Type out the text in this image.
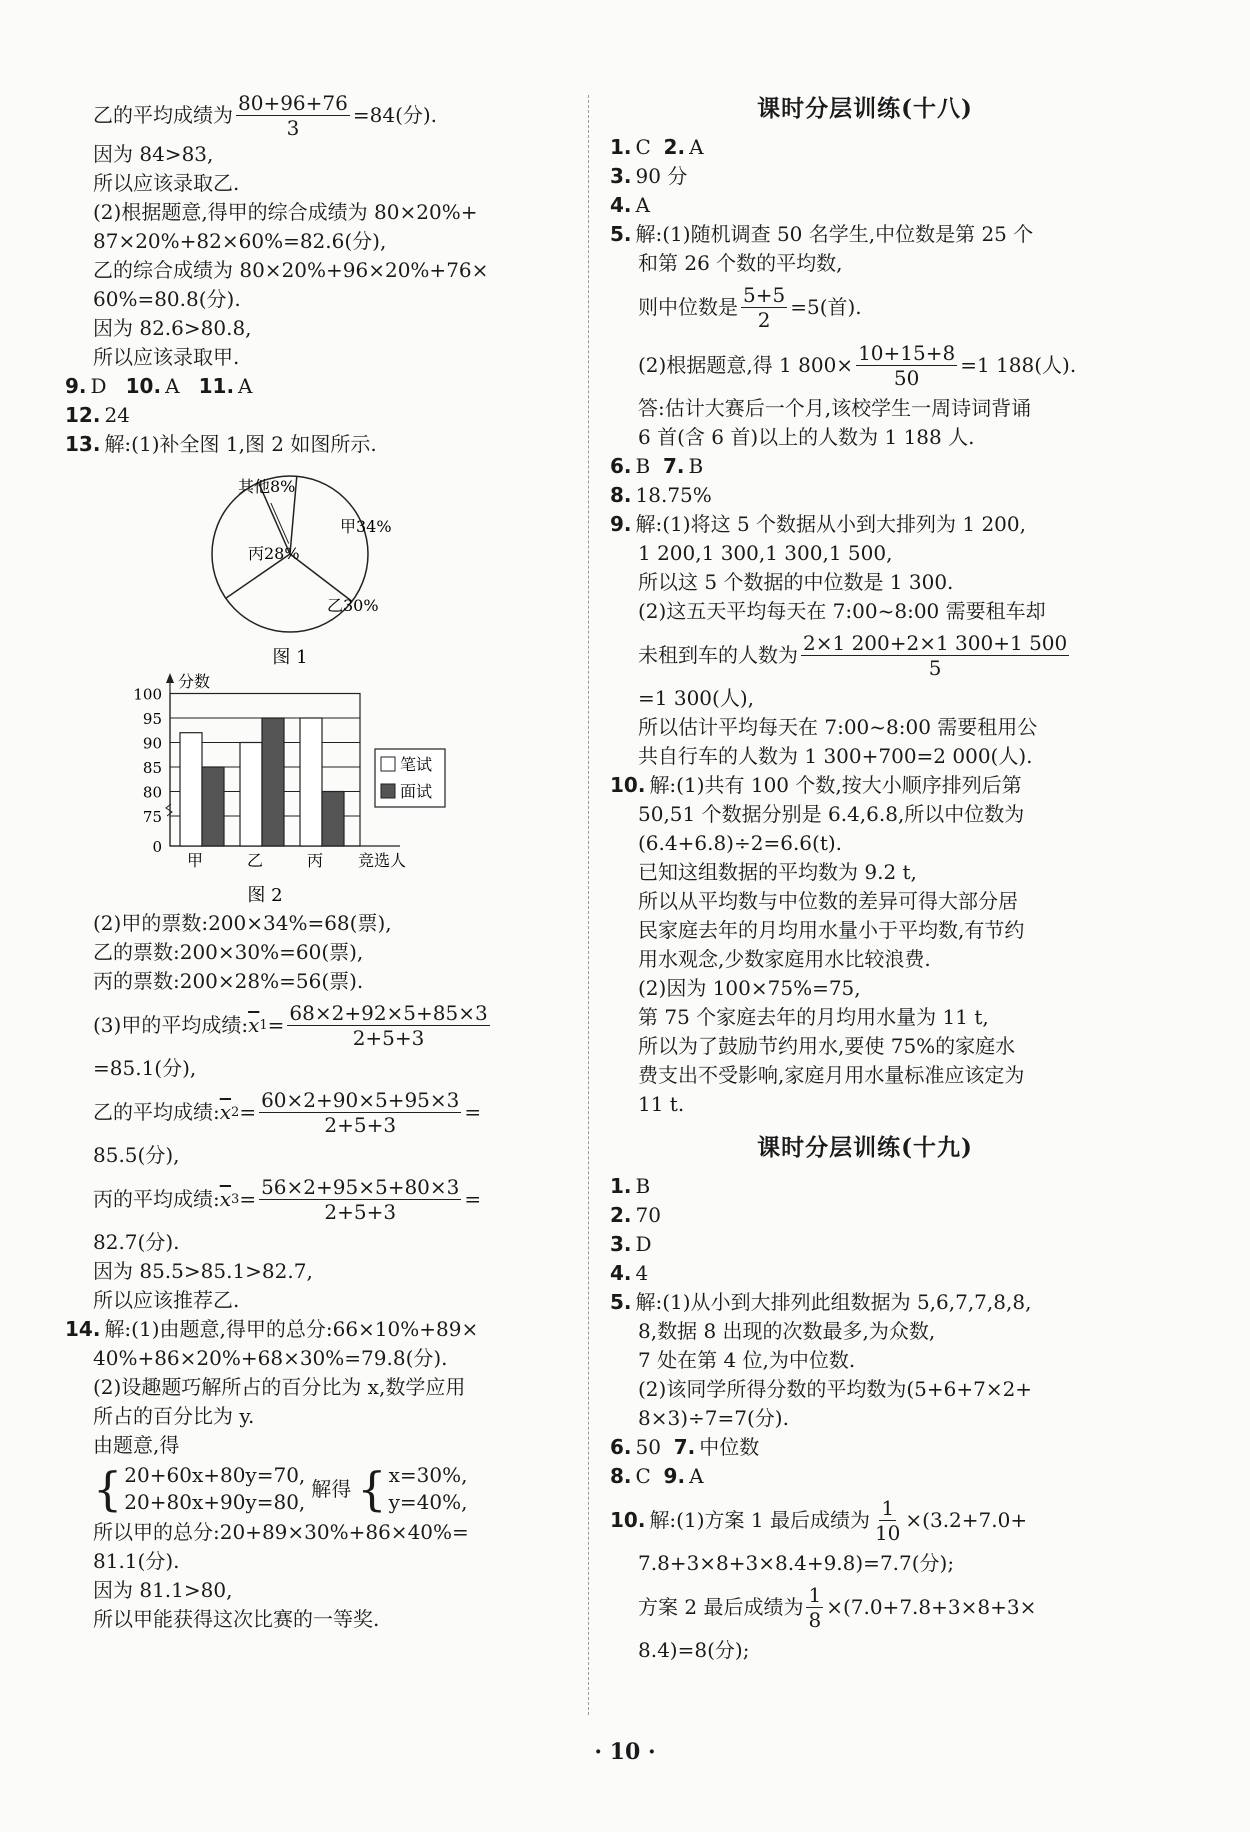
乙的平均成绩为 $\frac{80+96+76}{3} =84$(分).
因为 84>83,
所以应该录取乙.
(2)根据题意,得甲的综合成绩为 80×20%+
87×20%+82×60%=82.6(分),
乙的综合成绩为 80×20%+96×20%+76×
60%=80.8(分).
因为 82.6>80.8,
所以应该录取甲.
9. D 10. A 11. A
12. 24
13. 解:(1)补全图 1,图 2 如图所示.
甲34%
乙30%
丙28%
其他8%
图 1
100
95
90
85
80
75
0
分数
竞选人
甲	乙	丙
笔试
面试
图 2
(2)甲的票数:200×34%=68(票),
乙的票数:200×30%=60(票),
丙的票数:200×28%=56(票).
(3)甲的平均成绩: $\overline{x}$ $1 = \frac{68\times 2+92\times 5+85\times 3}{2+5+3}$
=85.1(分),
乙的平均成绩: $\overline{x}$ $2 = \frac{60\times 2+90\times 5+95\times 3}{2+5+3}$ =
85.5(分),
丙的平均成绩: $\overline{x}$ $3 = \frac{56\times 2+95\times 5+80\times 3}{2+5+3}$ =
82.7(分).
因为 85.5>85.1>82.7,
所以应该推荐乙.
14. 解:(1)由题意,得甲的总分:66×10%+89×
40%+86×20%+68×30%=79.8(分).
(2)设趣题巧解所占的百分比为 x,数学应用
所占的百分比为 y.
由题意,得
{ 20+60x+80y=70,
20+80x+90y=80,
解得 { x=30%,
y=40%,
所以甲的总分:20+89×30%+86×40%=
81.1(分).
因为 81.1>80,
所以甲能获得这次比赛的一等奖.
课时分层训练(十八)
1. C 2. A
3. 90 分
4. A
5. 解:(1)随机调查 50 名学生,中位数是第 25 个
和第 26 个数的平均数,
则中位数是 $\frac{5+5}{2} =5$(首).
(2)根据题意,得 1 $800\times \frac{10+15+8}{50} =1$ 188(人).
答:估计大赛后一个月,该校学生一周诗词背诵
6 首(含 6 首)以上的人数为 1 188 人.
6. B 7. B
8. 18.75%
9. 解:(1)将这 5 个数据从小到大排列为 1 200,
1 200,1 300,1 300,1 500,
所以这 5 个数据的中位数是 1 300.
(2)这五天平均每天在 7:00~8:00 需要租车却
未租到车的人数为 $\frac{2\times 1 200+2\times 1 300+1 500}{5}$
=1 300(人),
所以估计平均每天在 7:00~8:00 需要租用公
共自行车的人数为 1 300+700=2 000(人).
10. 解:(1)共有 100 个数,按大小顺序排列后第
50,51 个数据分别是 6.4,6.8,所以中位数为
(6.4+6.8)÷2=6.6(t).
已知这组数据的平均数为 9.2 t,
所以从平均数与中位数的差异可得大部分居
民家庭去年的月均用水量小于平均数,有节约
用水观念,少数家庭用水比较浪费.
(2)因为 100×75%=75,
第 75 个家庭去年的月均用水量为 11 t,
所以为了鼓励节约用水,要使 75%的家庭水
费支出不受影响,家庭月用水量标准应该定为
11 t.
课时分层训练(十九)
1. B
2. 70
3. D
4. 4
5. 解:(1)从小到大排列此组数据为 5,6,7,7,8,8,
8,数据 8 出现的次数最多,为众数,
7 处在第 4 位,为中位数.
(2)该同学所得分数的平均数为(5+6+7×2+
8×3)÷7=7(分).
6. 50 7. 中位数
8. C 9. A
10. 解:(1)方案 1 最后成绩为 $\frac{1}{10} \times(3.2+7.0+$
7.8+3×8+3×8.4+9.8)=7.7(分);
方案 2 最后成绩为 $\frac{1}{8} \times(7.0+7.8+3\times 8+3\times$
8.4)=8(分);
· 10 ·
